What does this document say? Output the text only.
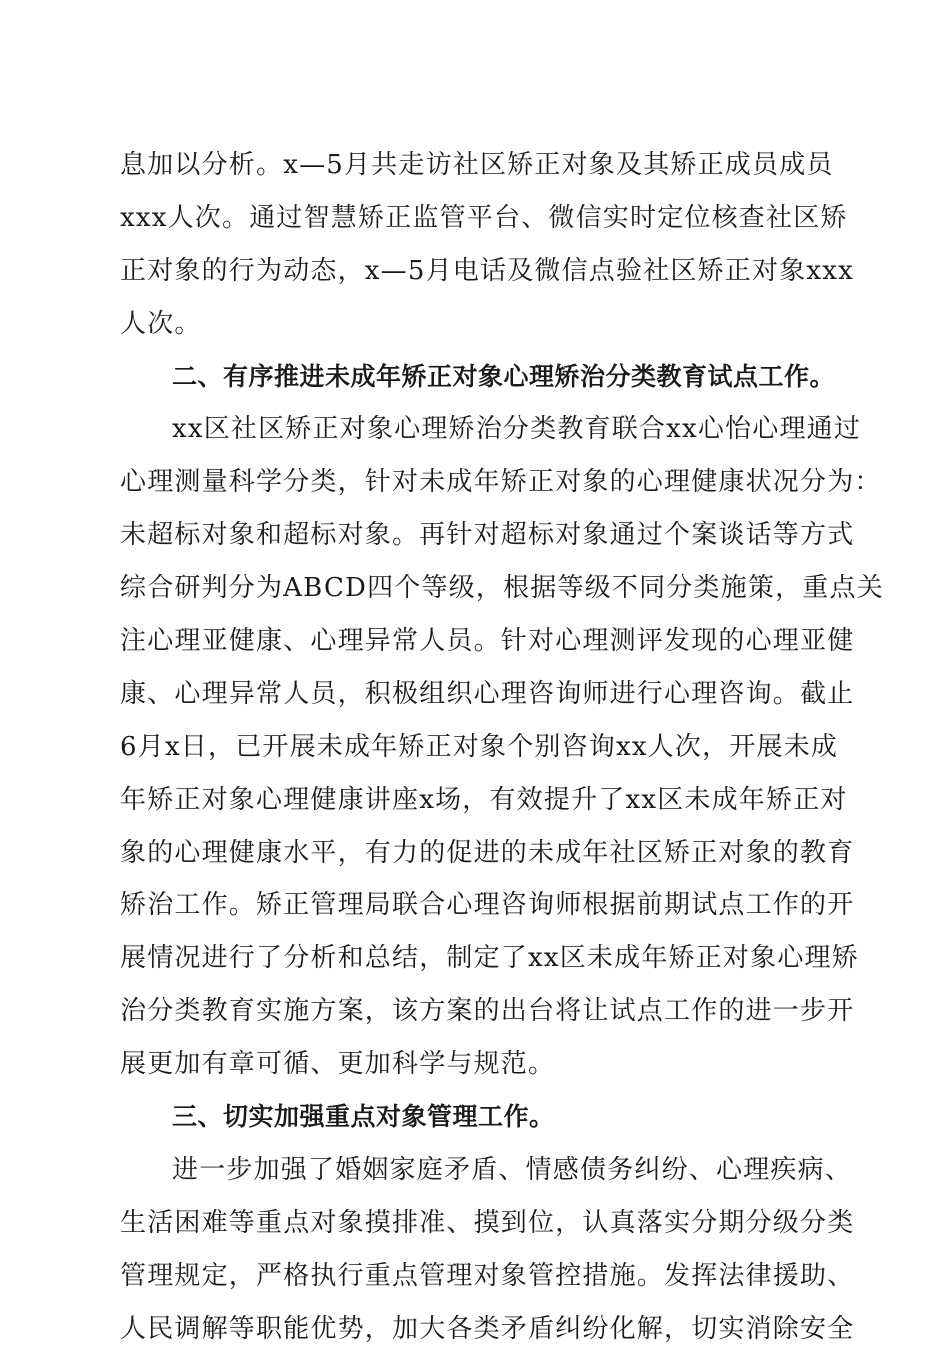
息加以分析。x—5月共走访社区矫正对象及其矫正成员成员
xxx人次。通过智慧矫正监管平台、微信实时定位核查社区矫
正对象的行为动态，x—5月电话及微信点验社区矫正对象xxx
人次。
二、有序推进未成年矫正对象心理矫治分类教育试点工作。
xx区社区矫正对象心理矫治分类教育联合xx心怡心理通过
心理测量科学分类，针对未成年矫正对象的心理健康状况分为：
未超标对象和超标对象。再针对超标对象通过个案谈话等方式
综合研判分为ABCD四个等级，根据等级不同分类施策，重点关
注心理亚健康、心理异常人员。针对心理测评发现的心理亚健
康、心理异常人员，积极组织心理咨询师进行心理咨询。截止
6月x日，已开展未成年矫正对象个别咨询xx人次，开展未成
年矫正对象心理健康讲座x场，有效提升了xx区未成年矫正对
象的心理健康水平，有力的促进的未成年社区矫正对象的教育
矫治工作。矫正管理局联合心理咨询师根据前期试点工作的开
展情况进行了分析和总结，制定了xx区未成年矫正对象心理矫
治分类教育实施方案，该方案的出台将让试点工作的进一步开
展更加有章可循、更加科学与规范。
三、切实加强重点对象管理工作。
进一步加强了婚姻家庭矛盾、情感债务纠纷、心理疾病、
生活困难等重点对象摸排准、摸到位，认真落实分期分级分类
管理规定，严格执行重点管理对象管控措施。发挥法律援助、
人民调解等职能优势，加大各类矛盾纠纷化解，切实消除安全
